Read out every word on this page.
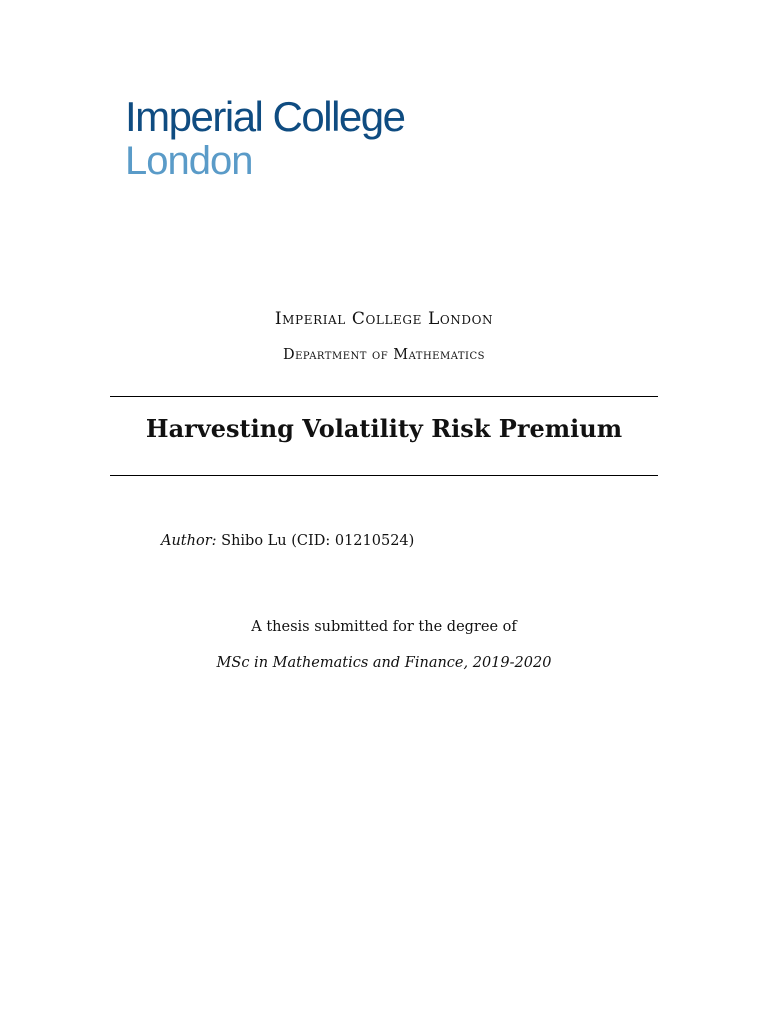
Imperial College
London
Imperial College London
Department of Mathematics
Harvesting Volatility Risk Premium
Author: Shibo Lu (CID: 01210524)
A thesis submitted for the degree of
MSc in Mathematics and Finance, 2019-2020
